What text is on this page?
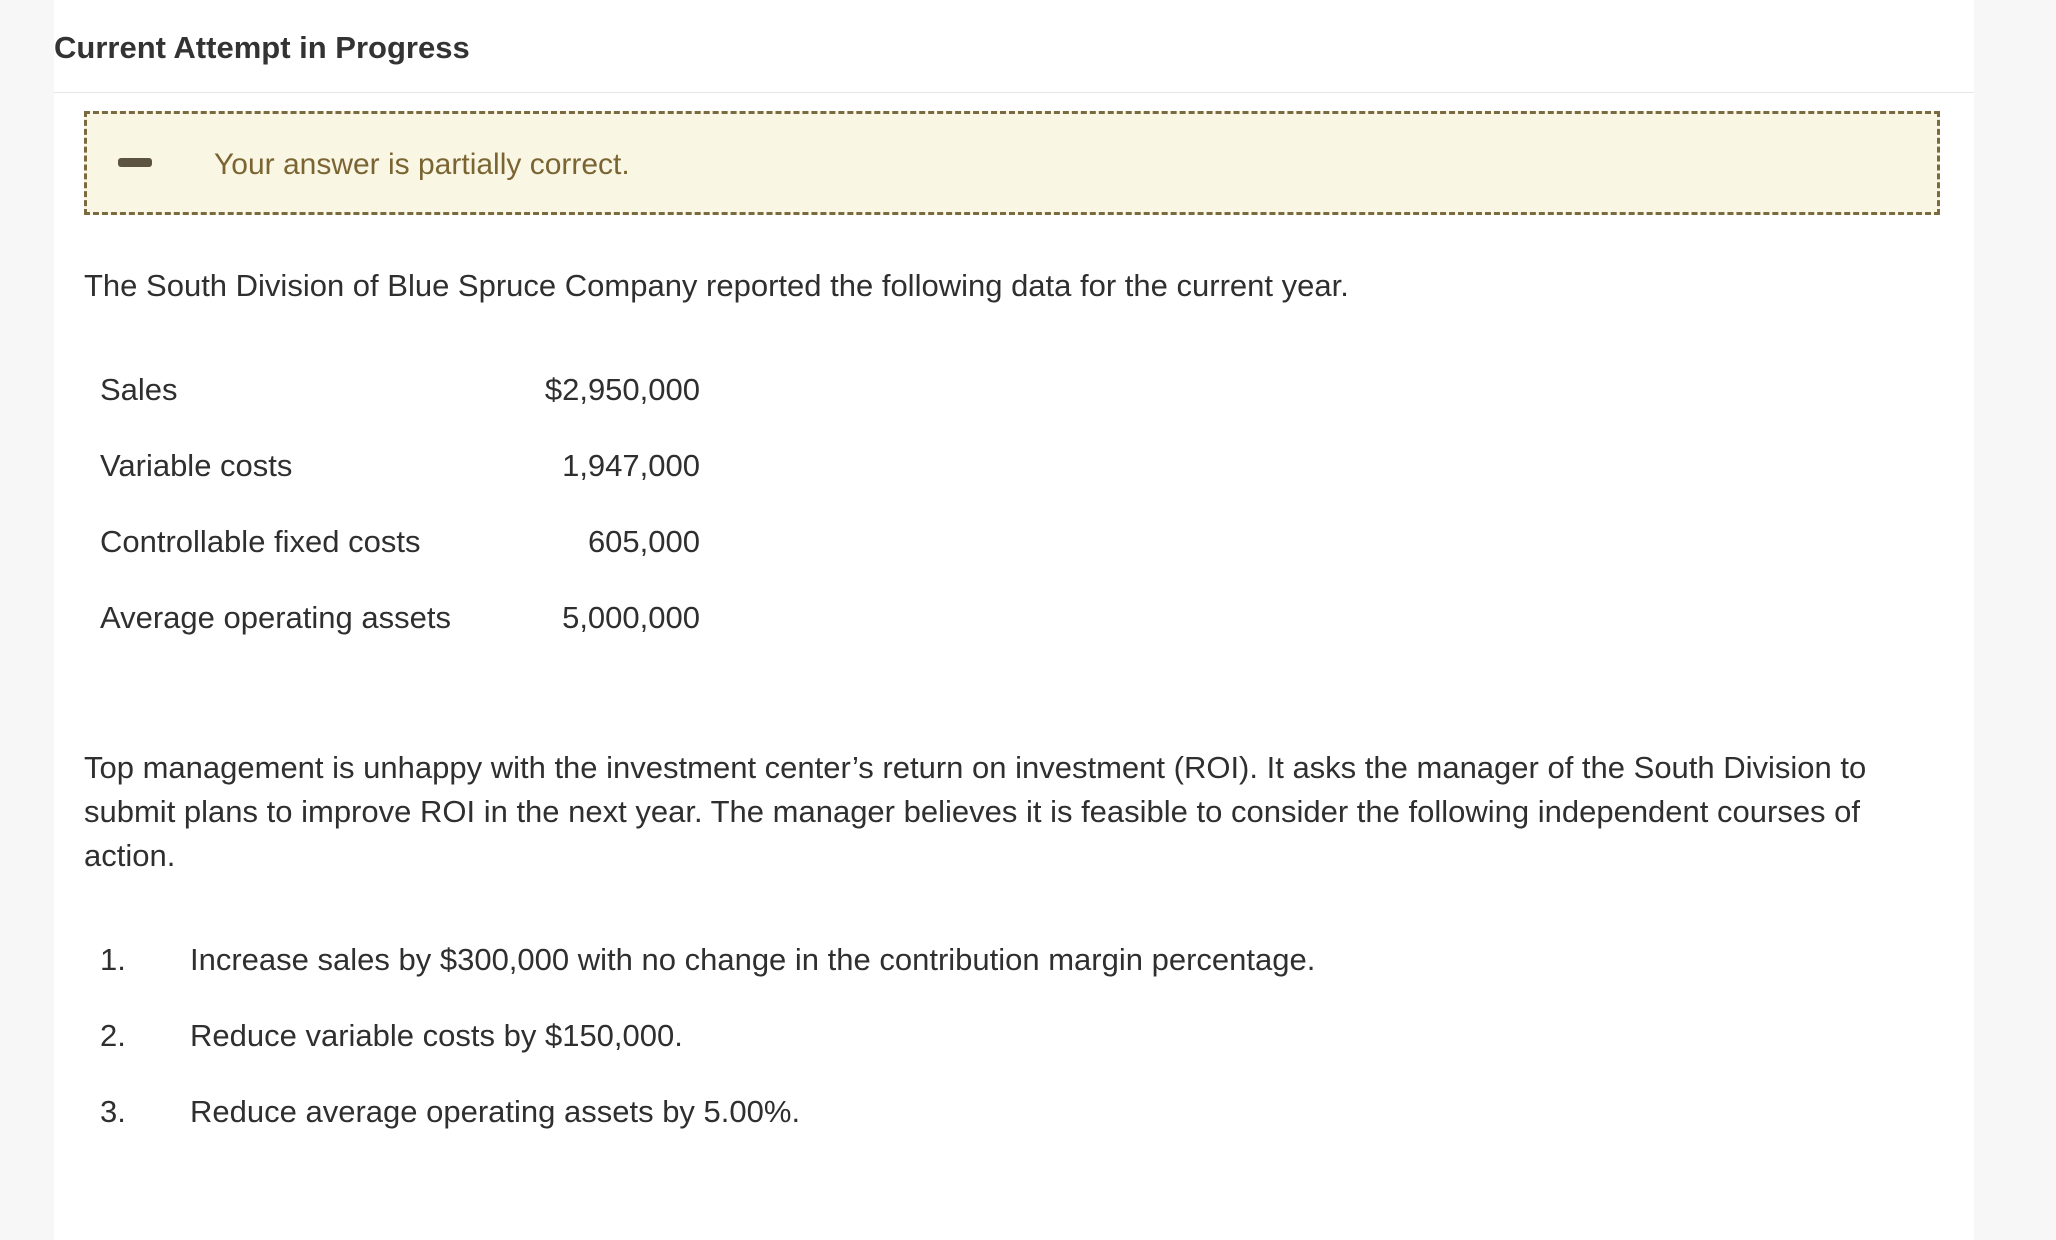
Current Attempt in Progress
Your answer is partially correct.
The South Division of Blue Spruce Company reported the following data for the current year.
Sales	$2,950,000
Variable costs	1,947,000
Controllable fixed costs	605,000
Average operating assets	5,000,000
Top management is unhappy with the investment center’s return on investment (ROI). It asks the manager of the South Division to submit plans to improve ROI in the next year. The manager believes it is feasible to consider the following independent courses of action.
1. Increase sales by $300,000 with no change in the contribution margin percentage.
2. Reduce variable costs by $150,000.
3. Reduce average operating assets by 5.00%.
